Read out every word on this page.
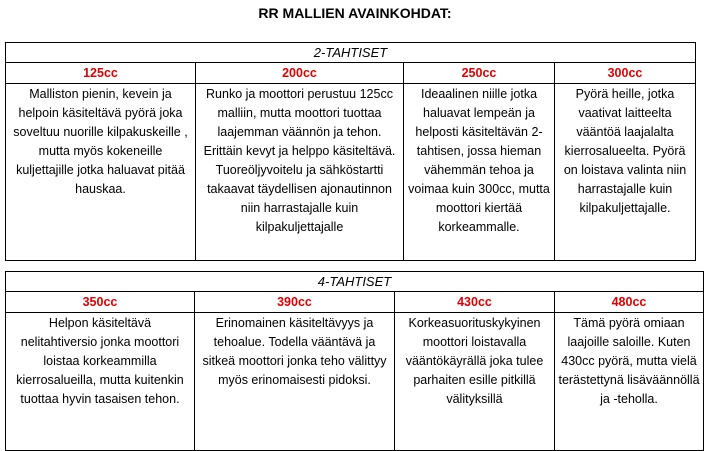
RR MALLIEN AVAINKOHDAT:
2-TAHTISET			
125cc	200cc	250cc	300cc
Malliston pienin, kevein ja helpoin käsiteltävä pyörä joka soveltuu nuorille kilpakuskeille , mutta myös kokeneille kuljettajille jotka haluavat pitää hauskaa.	Runko ja moottori perustuu 125cc malliin, mutta moottori tuottaa laajemman väännön ja tehon. Erittäin kevyt ja helppo käsiteltävä. Tuoreöljyvoitelu ja sähköstartti takaavat täydellisen ajonautinnon niin harrastajalle kuin kilpakuljettajalle	Ideaalinen niille jotka haluavat lempeän ja helposti käsiteltävän 2-tahtisen, jossa hieman vähemmän tehoa ja voimaa kuin 300cc, mutta moottori kiertää korkeammalle.	Pyörä heille, jotka vaativat laitteelta vääntöä laajalalta kierrosalueelta. Pyörä on loistava valinta niin harrastajalle kuin kilpakuljettajalle.
4-TAHTISET			
350cc	390cc	430cc	480cc
Helpon käsiteltävä nelitahtiversio jonka moottori loistaa korkeammilla kierrosalueilla, mutta kuitenkin tuottaa hyvin tasaisen tehon.	Erinomainen käsiteltävyys ja tehoalue. Todella vääntävä ja sitkeä moottori jonka teho välittyy myös erinomaisesti pidoksi.	Korkeasuorituskykyinen moottori loistavalla vääntökäyrällä joka tulee parhaiten esille pitkillä välityksillä	Tämä pyörä omiaan laajoille saloille. Kuten 430cc pyörä, mutta vielä terästettynä lisäväännöllä ja -teholla.
